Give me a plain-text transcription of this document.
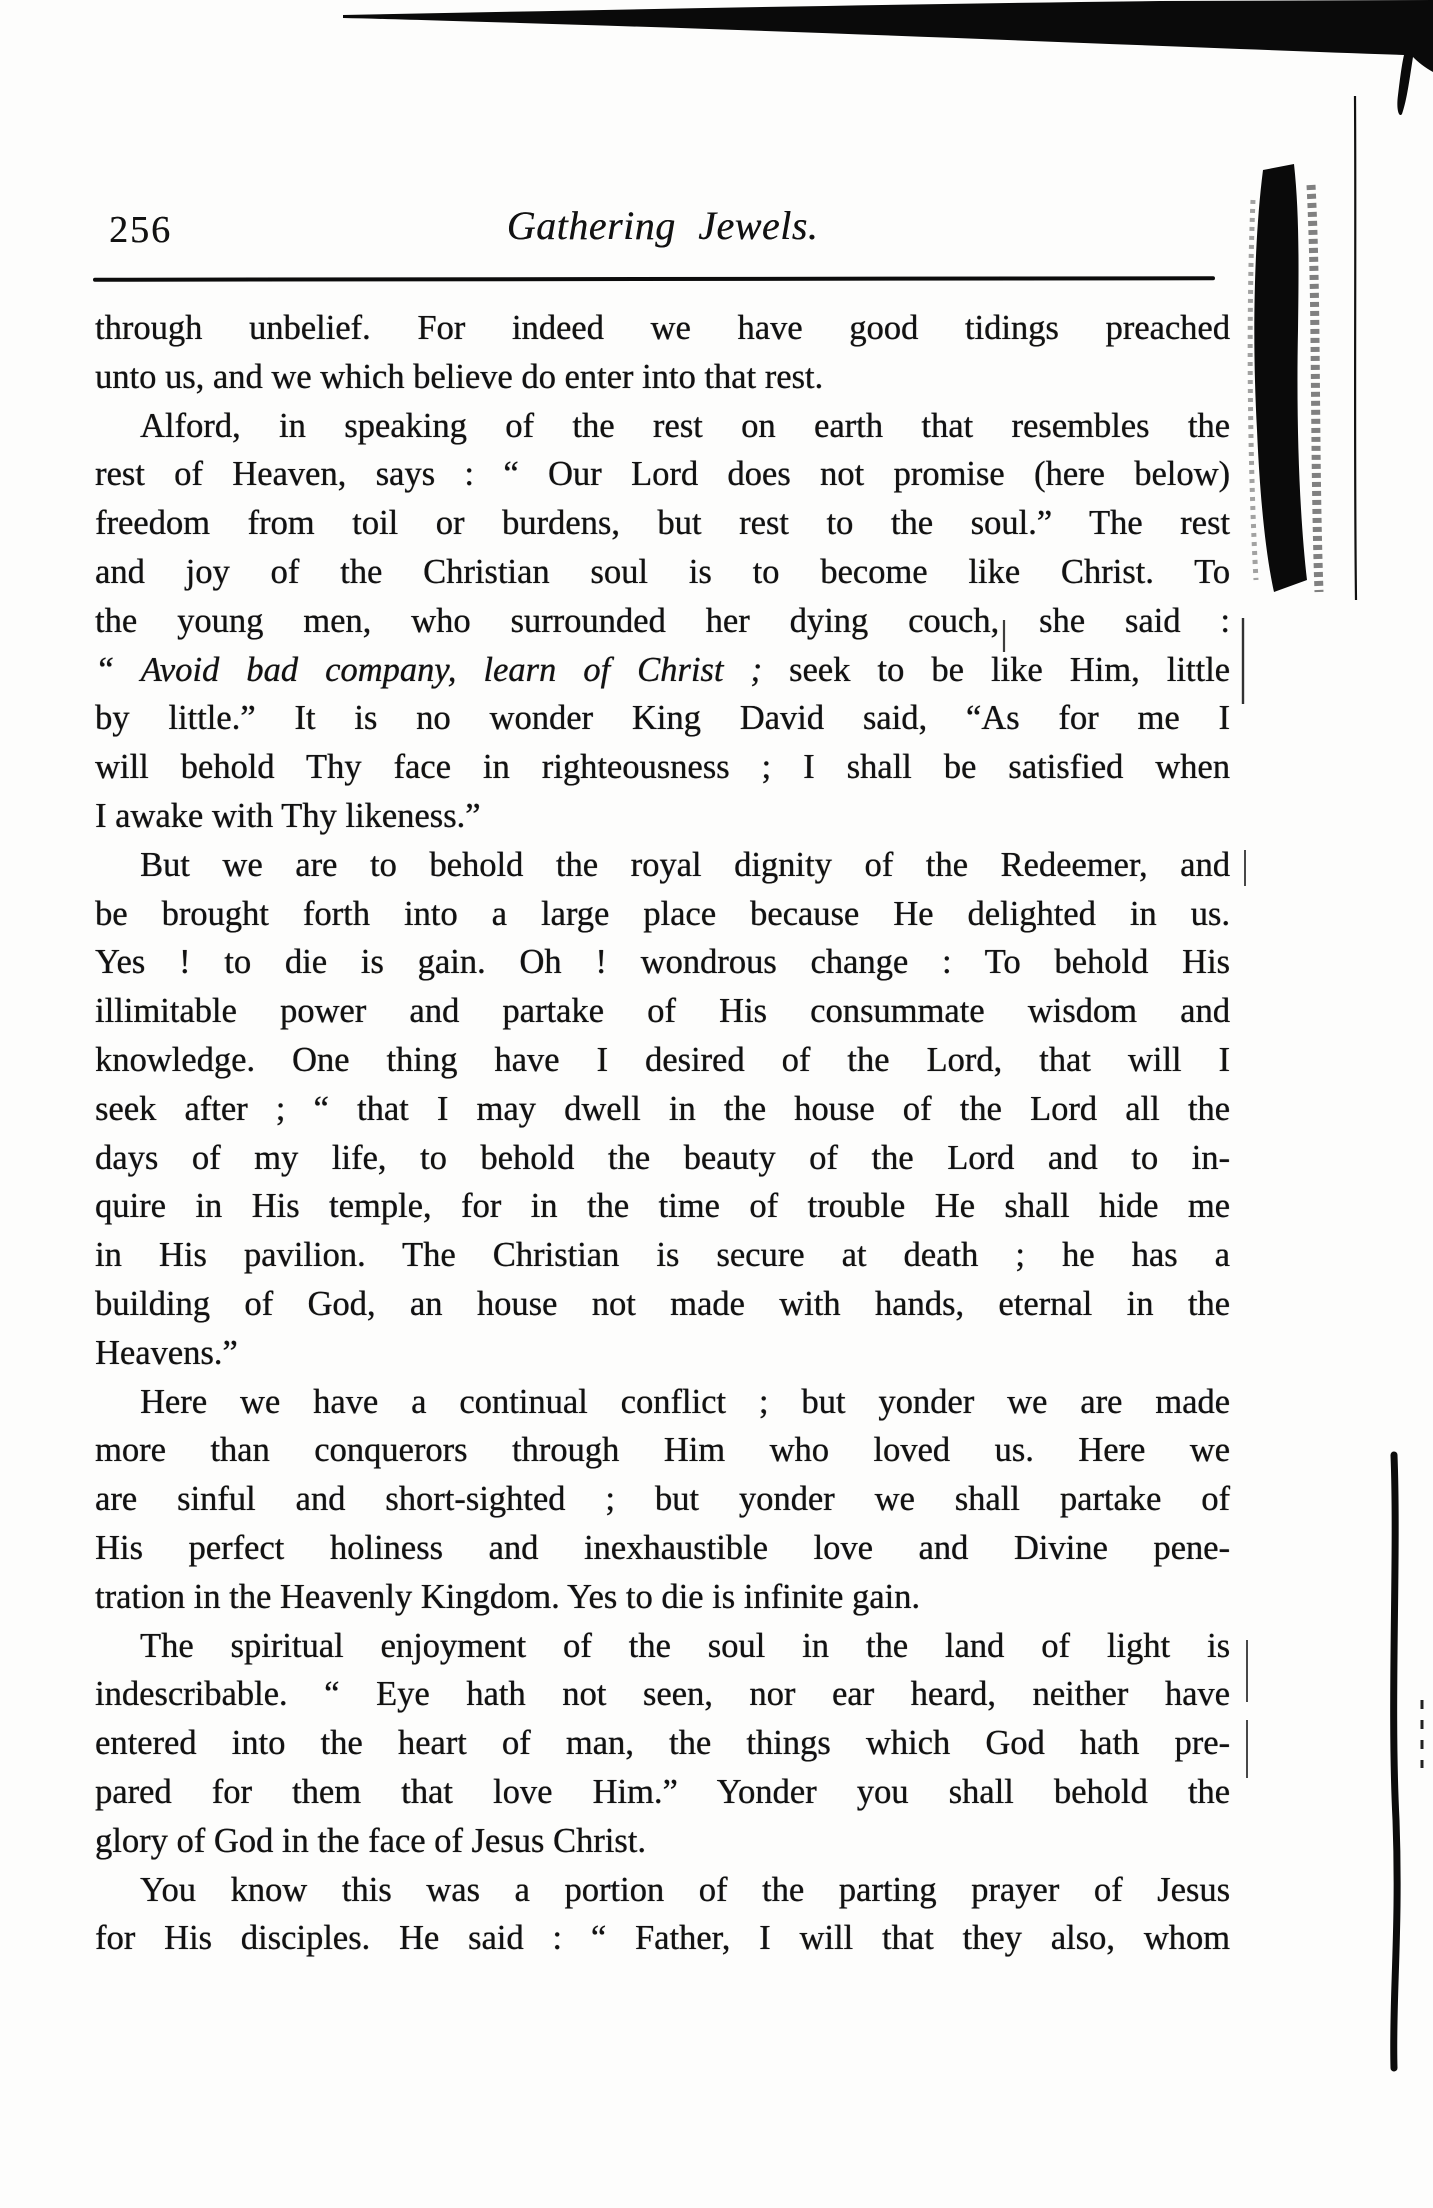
256	Gathering Jewels.
through unbelief. For indeed we have good tidings preached
unto us, and we which believe do enter into that rest.
Alford, in speaking of the rest on earth that resembles the
rest of Heaven, says : “ Our Lord does not promise (here below)
freedom from toil or burdens, but rest to the soul.” The rest
and joy of the Christian soul is to become like Christ. To
the young men, who surrounded her dying couch, she said :
“ Avoid bad company, learn of Christ ; seek to be like Him, little
by little.” It is no wonder King David said, “As for me I
will behold Thy face in righteousness ; I shall be satisfied when
I awake with Thy likeness.”
But we are to behold the royal dignity of the Redeemer, and
be brought forth into a large place because He delighted in us.
Yes ! to die is gain. Oh ! wondrous change : To behold His
illimitable power and partake of His consummate wisdom and
knowledge. One thing have I desired of the Lord, that will I
seek after ; “ that I may dwell in the house of the Lord all the
days of my life, to behold the beauty of the Lord and to in-
quire in His temple, for in the time of trouble He shall hide me
in His pavilion. The Christian is secure at death ; he has a
building of God, an house not made with hands, eternal in the
Heavens.”
Here we have a continual conflict ; but yonder we are made
more than conquerors through Him who loved us. Here we
are sinful and short-sighted ; but yonder we shall partake of
His perfect holiness and inexhaustible love and Divine pene-
tration in the Heavenly Kingdom. Yes to die is infinite gain.
The spiritual enjoyment of the soul in the land of light is
indescribable. “ Eye hath not seen, nor ear heard, neither have
entered into the heart of man, the things which God hath pre-
pared for them that love Him.” Yonder you shall behold the
glory of God in the face of Jesus Christ.
You know this was a portion of the parting prayer of Jesus
for His disciples. He said : “ Father, I will that they also, whom
